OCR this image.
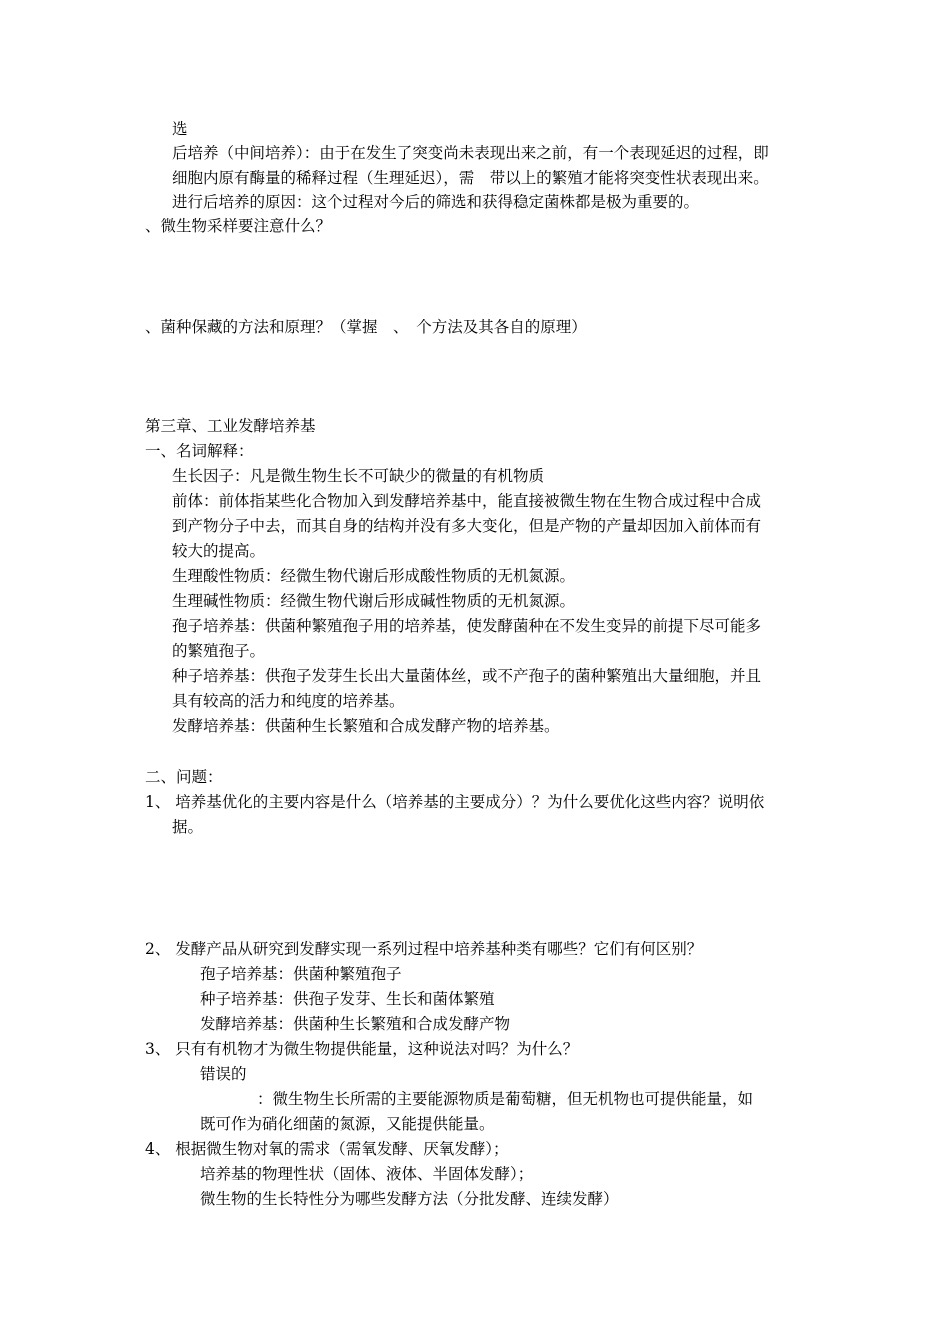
选
后培养（中间培养）：由于在发生了突变尚未表现出来之前，有一个表现延迟的过程，即
细胞内原有酶量的稀释过程（生理延迟），需　带以上的繁殖才能将突变性状表现出来。
进行后培养的原因：这个过程对今后的筛选和获得稳定菌株都是极为重要的。
、微生物采样要注意什么？
、菌种保藏的方法和原理？（掌握　、　个方法及其各自的原理）
第三章、工业发酵培养基
一、名词解释：
生长因子：凡是微生物生长不可缺少的微量的有机物质
前体：前体指某些化合物加入到发酵培养基中，能直接被微生物在生物合成过程中合成
到产物分子中去，而其自身的结构并没有多大变化，但是产物的产量却因加入前体而有
较大的提高。
生理酸性物质：经微生物代谢后形成酸性物质的无机氮源。
生理碱性物质：经微生物代谢后形成碱性物质的无机氮源。
孢子培养基：供菌种繁殖孢子用的培养基，使发酵菌种在不发生变异的前提下尽可能多
的繁殖孢子。
种子培养基：供孢子发芽生长出大量菌体丝，或不产孢子的菌种繁殖出大量细胞，并且
具有较高的活力和纯度的培养基。
发酵培养基：供菌种生长繁殖和合成发酵产物的培养基。
二、问题：
1、 培养基优化的主要内容是什么（培养基的主要成分）？为什么要优化这些内容？说明依
据。
2、 发酵产品从研究到发酵实现一系列过程中培养基种类有哪些？它们有何区别？
孢子培养基：供菌种繁殖孢子
种子培养基：供孢子发芽、生长和菌体繁殖
发酵培养基：供菌种生长繁殖和合成发酵产物
3、 只有有机物才为微生物提供能量，这种说法对吗？为什么？
错误的
：微生物生长所需的主要能源物质是葡萄糖，但无机物也可提供能量，如
既可作为硝化细菌的氮源，又能提供能量。
4、 根据微生物对氧的需求（需氧发酵、厌氧发酵）；
培养基的物理性状（固体、液体、半固体发酵）；
微生物的生长特性分为哪些发酵方法（分批发酵、连续发酵）
